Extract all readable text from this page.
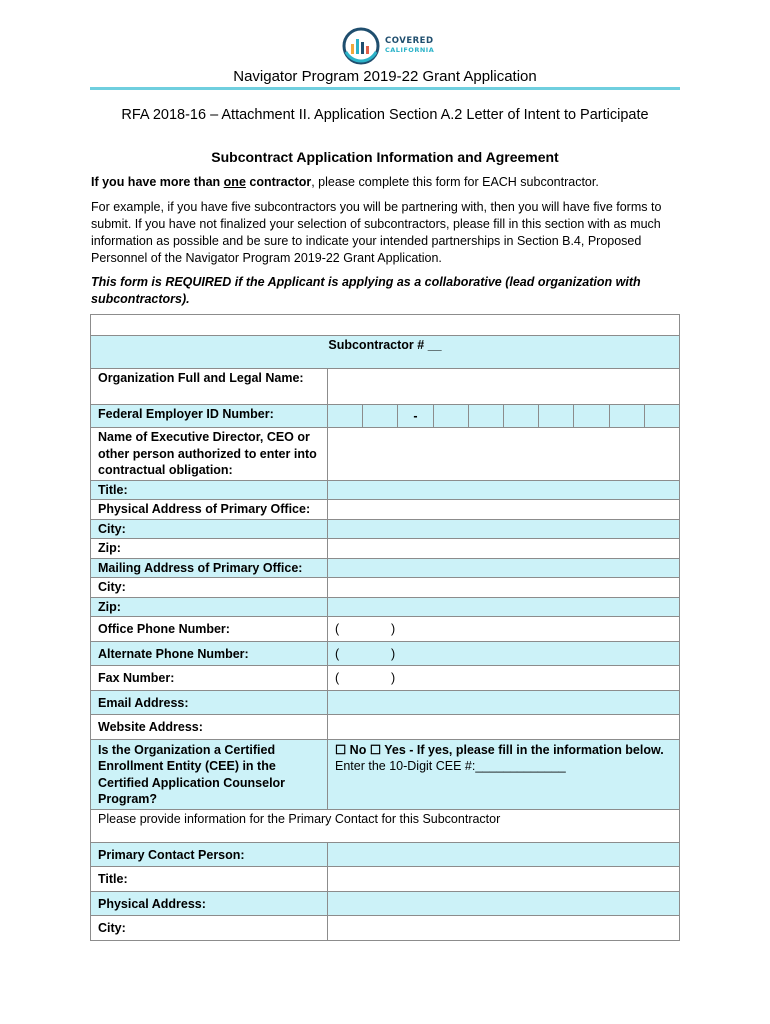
COVERED
CALIFORNIA
Navigator Program 2019-22 Grant Application
RFA 2018-16 – Attachment II. Application Section A.2 Letter of Intent to Participate
Subcontract Application Information and Agreement
If you have more than one contractor, please complete this form for EACH subcontractor.
For example, if you have five subcontractors you will be partnering with, then you will have five forms to submit. If you have not finalized your selection of subcontractors, please fill in this section with as much information as possible and be sure to indicate your intended partnerships in Section B.4, Proposed Personnel of the Navigator Program 2019-22 Grant Application.
This form is REQUIRED if the Applicant is applying as a collaborative (lead organization with subcontractors).

Subcontractor # __	
Organization Full and Legal Name:	
Federal Employer ID Number:	-

Name of Executive Director, CEO or other person authorized to enter into contractual obligation:	
Title:	
Physical Address of Primary Office:	
City:	
Zip:	
Mailing Address of Primary Office:	
City:	
Zip:	
Office Phone Number:	( )
Alternate Phone Number:	( )
Fax Number:	( )
Email Address:	
Website Address:	
Is the Organization a Certified Enrollment Entity (CEE) in the Certified Application Counselor Program?	☐ No ☐ Yes - If yes, please fill in the information below.
Enter the 10-Digit CEE #:_____________
Please provide information for the Primary Contact for this Subcontractor	
Primary Contact Person:	
Title:	
Physical Address:	
City:	
